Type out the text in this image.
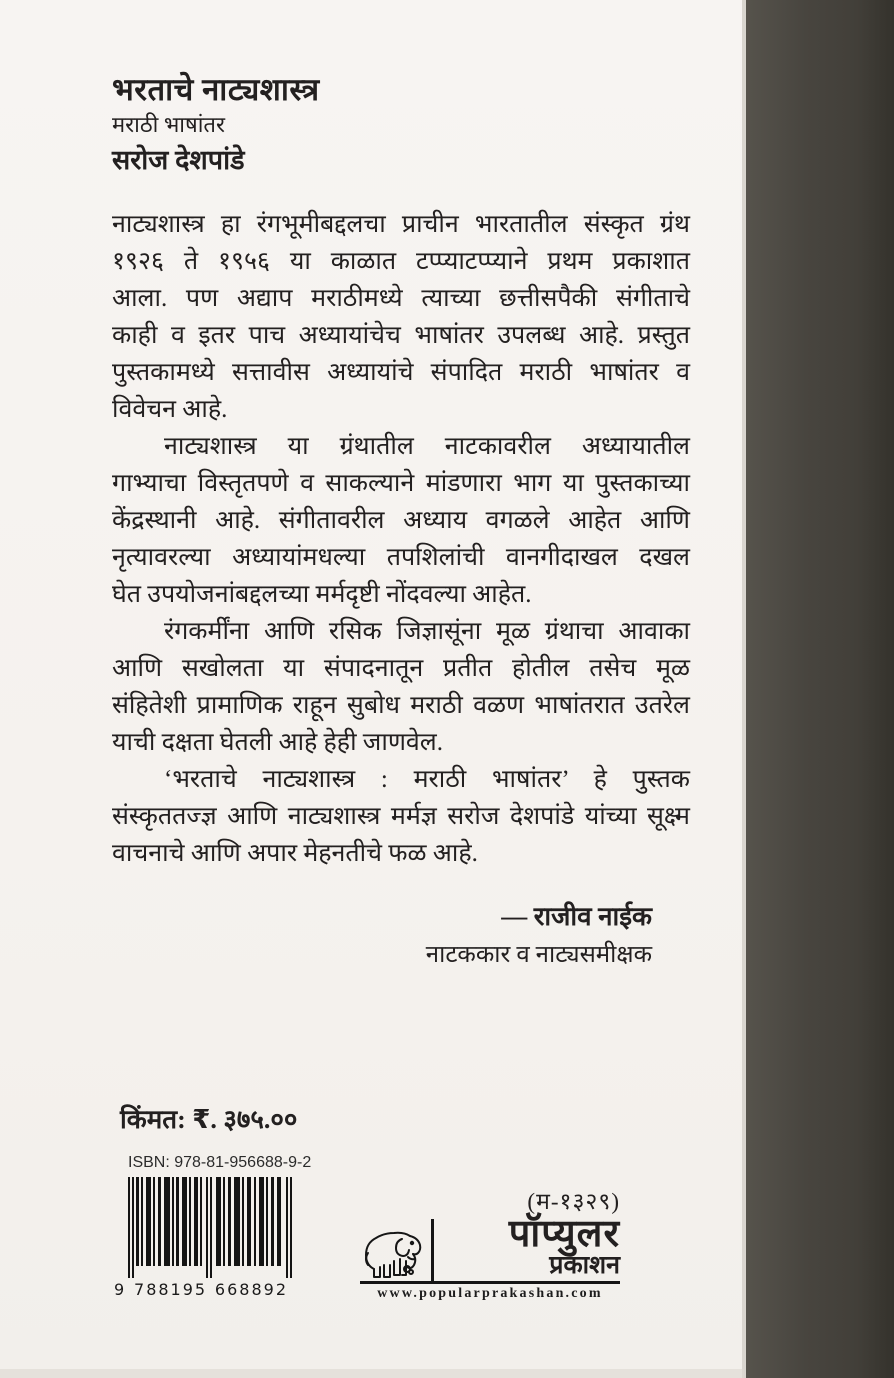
भरताचे नाट्यशास्त्र
मराठी भाषांतर
सरोज देशपांडे
नाट्यशास्त्र हा रंगभूमीबद्दलचा प्राचीन भारतातील संस्कृत ग्रंथ
१९२६ ते १९५६ या काळात टप्प्याटप्प्याने प्रथम प्रकाशात
आला. पण अद्याप मराठीमध्ये त्याच्या छत्तीसपैकी संगीताचे
काही व इतर पाच अध्यायांचेच भाषांतर उपलब्ध आहे. प्रस्तुत
पुस्तकामध्ये सत्तावीस अध्यायांचे संपादित मराठी भाषांतर व
विवेचन आहे.
नाट्यशास्त्र या ग्रंथातील नाटकावरील अध्यायातील
गाभ्याचा विस्तृतपणे व साकल्याने मांडणारा भाग या पुस्तकाच्या
केंद्रस्थानी आहे. संगीतावरील अध्याय वगळले आहेत आणि
नृत्यावरल्या अध्यायांमधल्या तपशिलांची वानगीदाखल दखल
घेत उपयोजनांबद्दलच्या मर्मदृष्टी नोंदवल्या आहेत.
रंगकर्मींना आणि रसिक जिज्ञासूंना मूळ ग्रंथाचा आवाका
आणि सखोलता या संपादनातून प्रतीत होतील तसेच मूळ
संहितेशी प्रामाणिक राहून सुबोध मराठी वळण भाषांतरात उतरेल
याची दक्षता घेतली आहे हेही जाणवेल.
‘भरताचे नाट्यशास्त्र : मराठी भाषांतर’ हे पुस्तक
संस्कृततज्ज्ञ आणि नाट्यशास्त्र मर्मज्ञ सरोज देशपांडे यांच्या सूक्ष्म
वाचनाचे आणि अपार मेहनतीचे फळ आहे.
— राजीव नाईक
नाटककार व नाट्यसमीक्षक
किंमत: ₹. ३७५.००
ISBN: 978-81-956688-9-2
9 788195 668892
(म-१३२९)
पॉप्युलर
प्रकाशन
www.popularprakashan.com
